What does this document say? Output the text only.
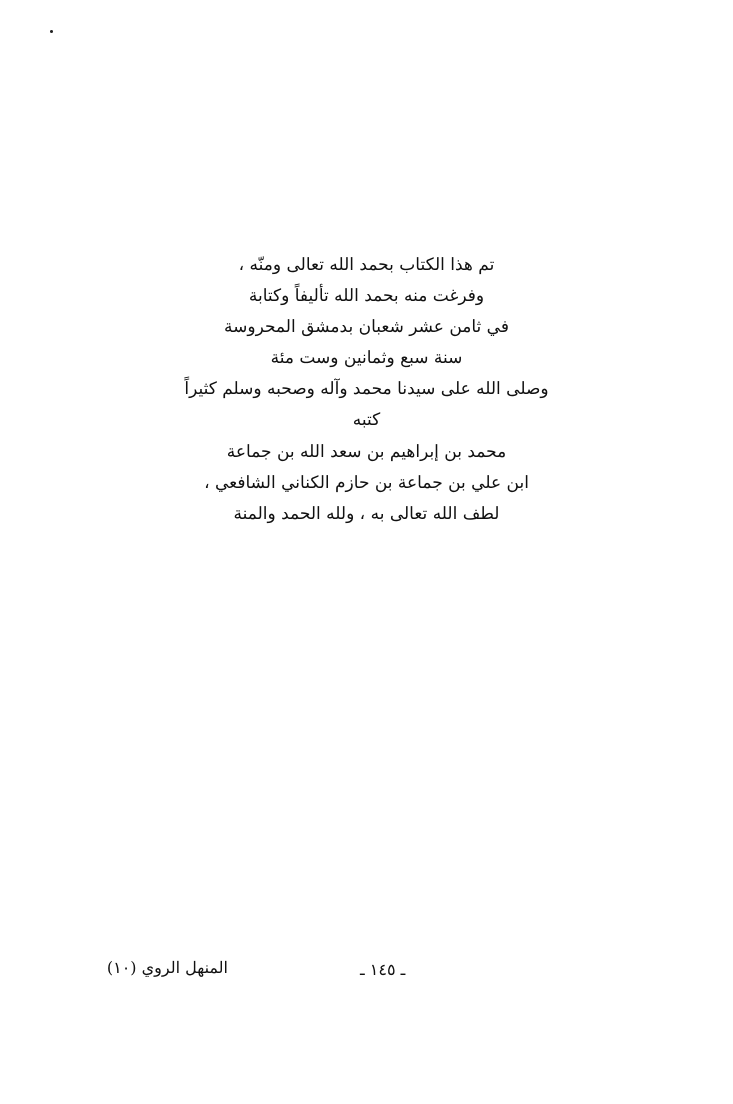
تم هذا الكتاب بحمد الله تعالى ومنّه ،
وفرغت منه بحمد الله تأليفاً وكتابة
في ثامن عشر شعبان بدمشق المحروسة
سنة سبع وثمانين وست مئة
وصلى الله على سيدنا محمد وآله وصحبه وسلم كثيراً
كتبه
محمد بن إبراهيم بن سعد الله بن جماعة
ابن علي بن جماعة بن حازم الكناني الشافعي ،
لطف الله تعالى به ، ولله الحمد والمنة
المنهل الروي (١٠)	ـ ١٤٥ ـ
